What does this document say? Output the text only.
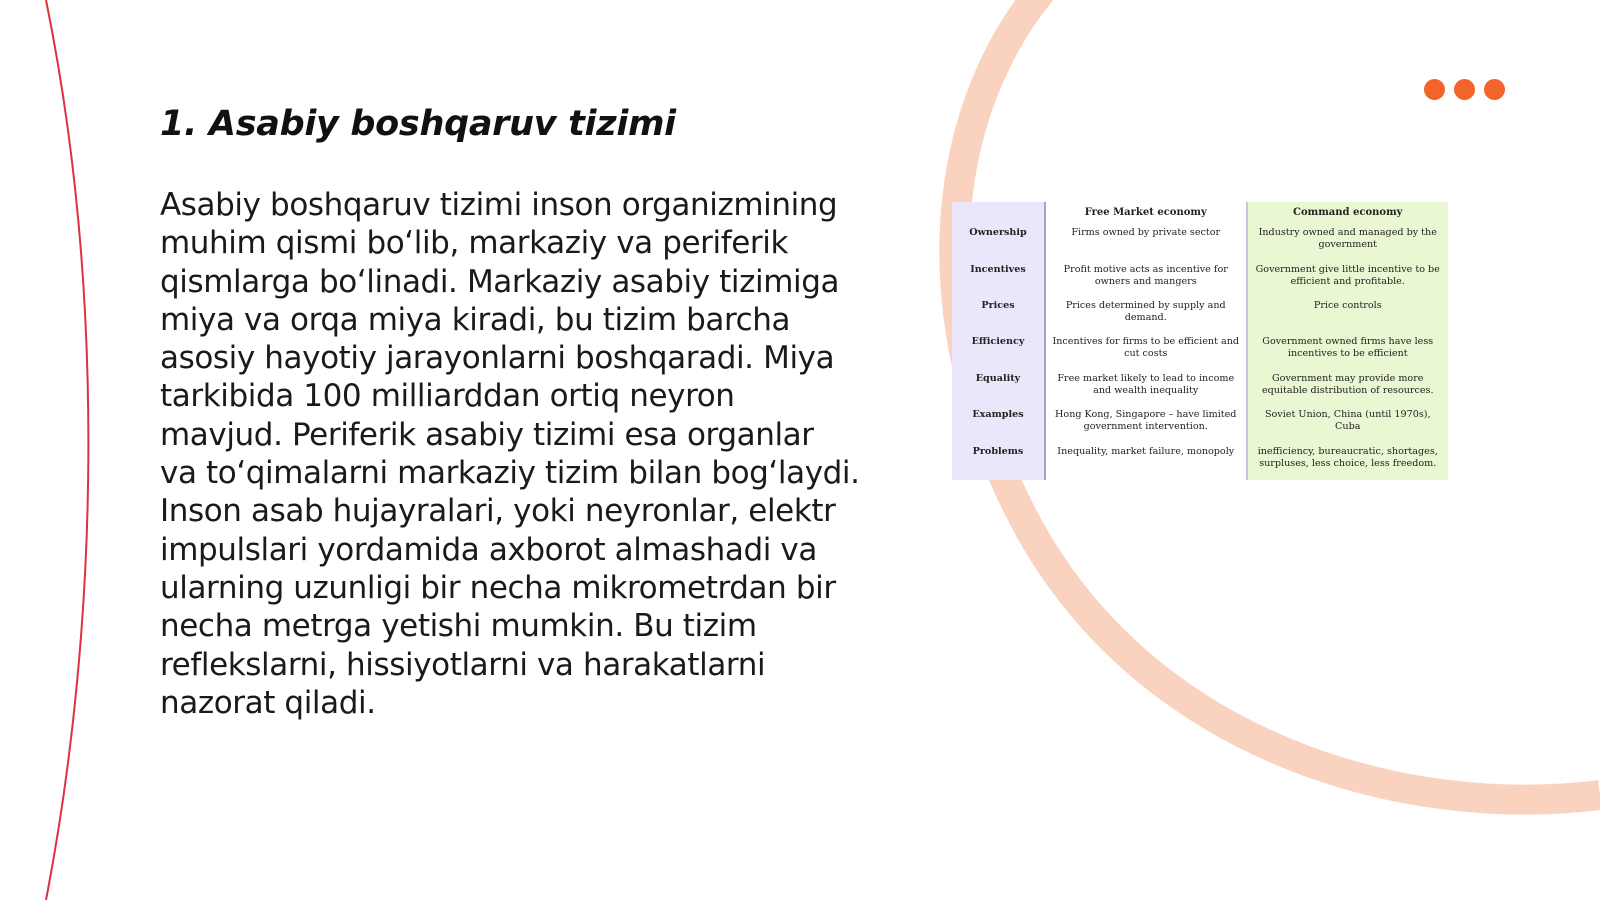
1. Asabiy boshqaruv tizimi

Asabiy boshqaruv tizimi inson organizmining
muhim qismi bo‘lib, markaziy va periferik
qismlarga bo‘linadi. Markaziy asabiy tizimiga
miya va orqa miya kiradi, bu tizim barcha
asosiy hayotiy jarayonlarni boshqaradi. Miya
tarkibida 100 milliarddan ortiq neyron
mavjud. Periferik asabiy tizimi esa organlar
va to‘qimalarni markaziy tizim bilan bog‘laydi.
Inson asab hujayralari, yoki neyronlar, elektr
impulslari yordamida axborot almashadi va
ularning uzunligi bir necha mikrometrdan bir
necha metrga yetishi mumkin. Bu tizim
reflekslarni, hissiyotlarni va harakatlarni
nazorat qiladi.

	Free Market economy	Command economy
Ownership	Firms owned by private sector	Industry owned and managed by the government
Incentives	Profit motive acts as incentive for owners and mangers	Government give little incentive to be efficient and profitable.
Prices	Prices determined by supply and demand.	Price controls
Efficiency	Incentives for firms to be efficient and cut costs	Government owned firms have less incentives to be efficient
Equality	Free market likely to lead to income and wealth inequality	Government may provide more equitable distribution of resources.
Examples	Hong Kong, Singapore – have limited government intervention.	Soviet Union, China (until 1970s), Cuba
Problems	Inequality, market failure, monopoly	inefficiency, bureaucratic, shortages, surpluses, less choice, less freedom.
